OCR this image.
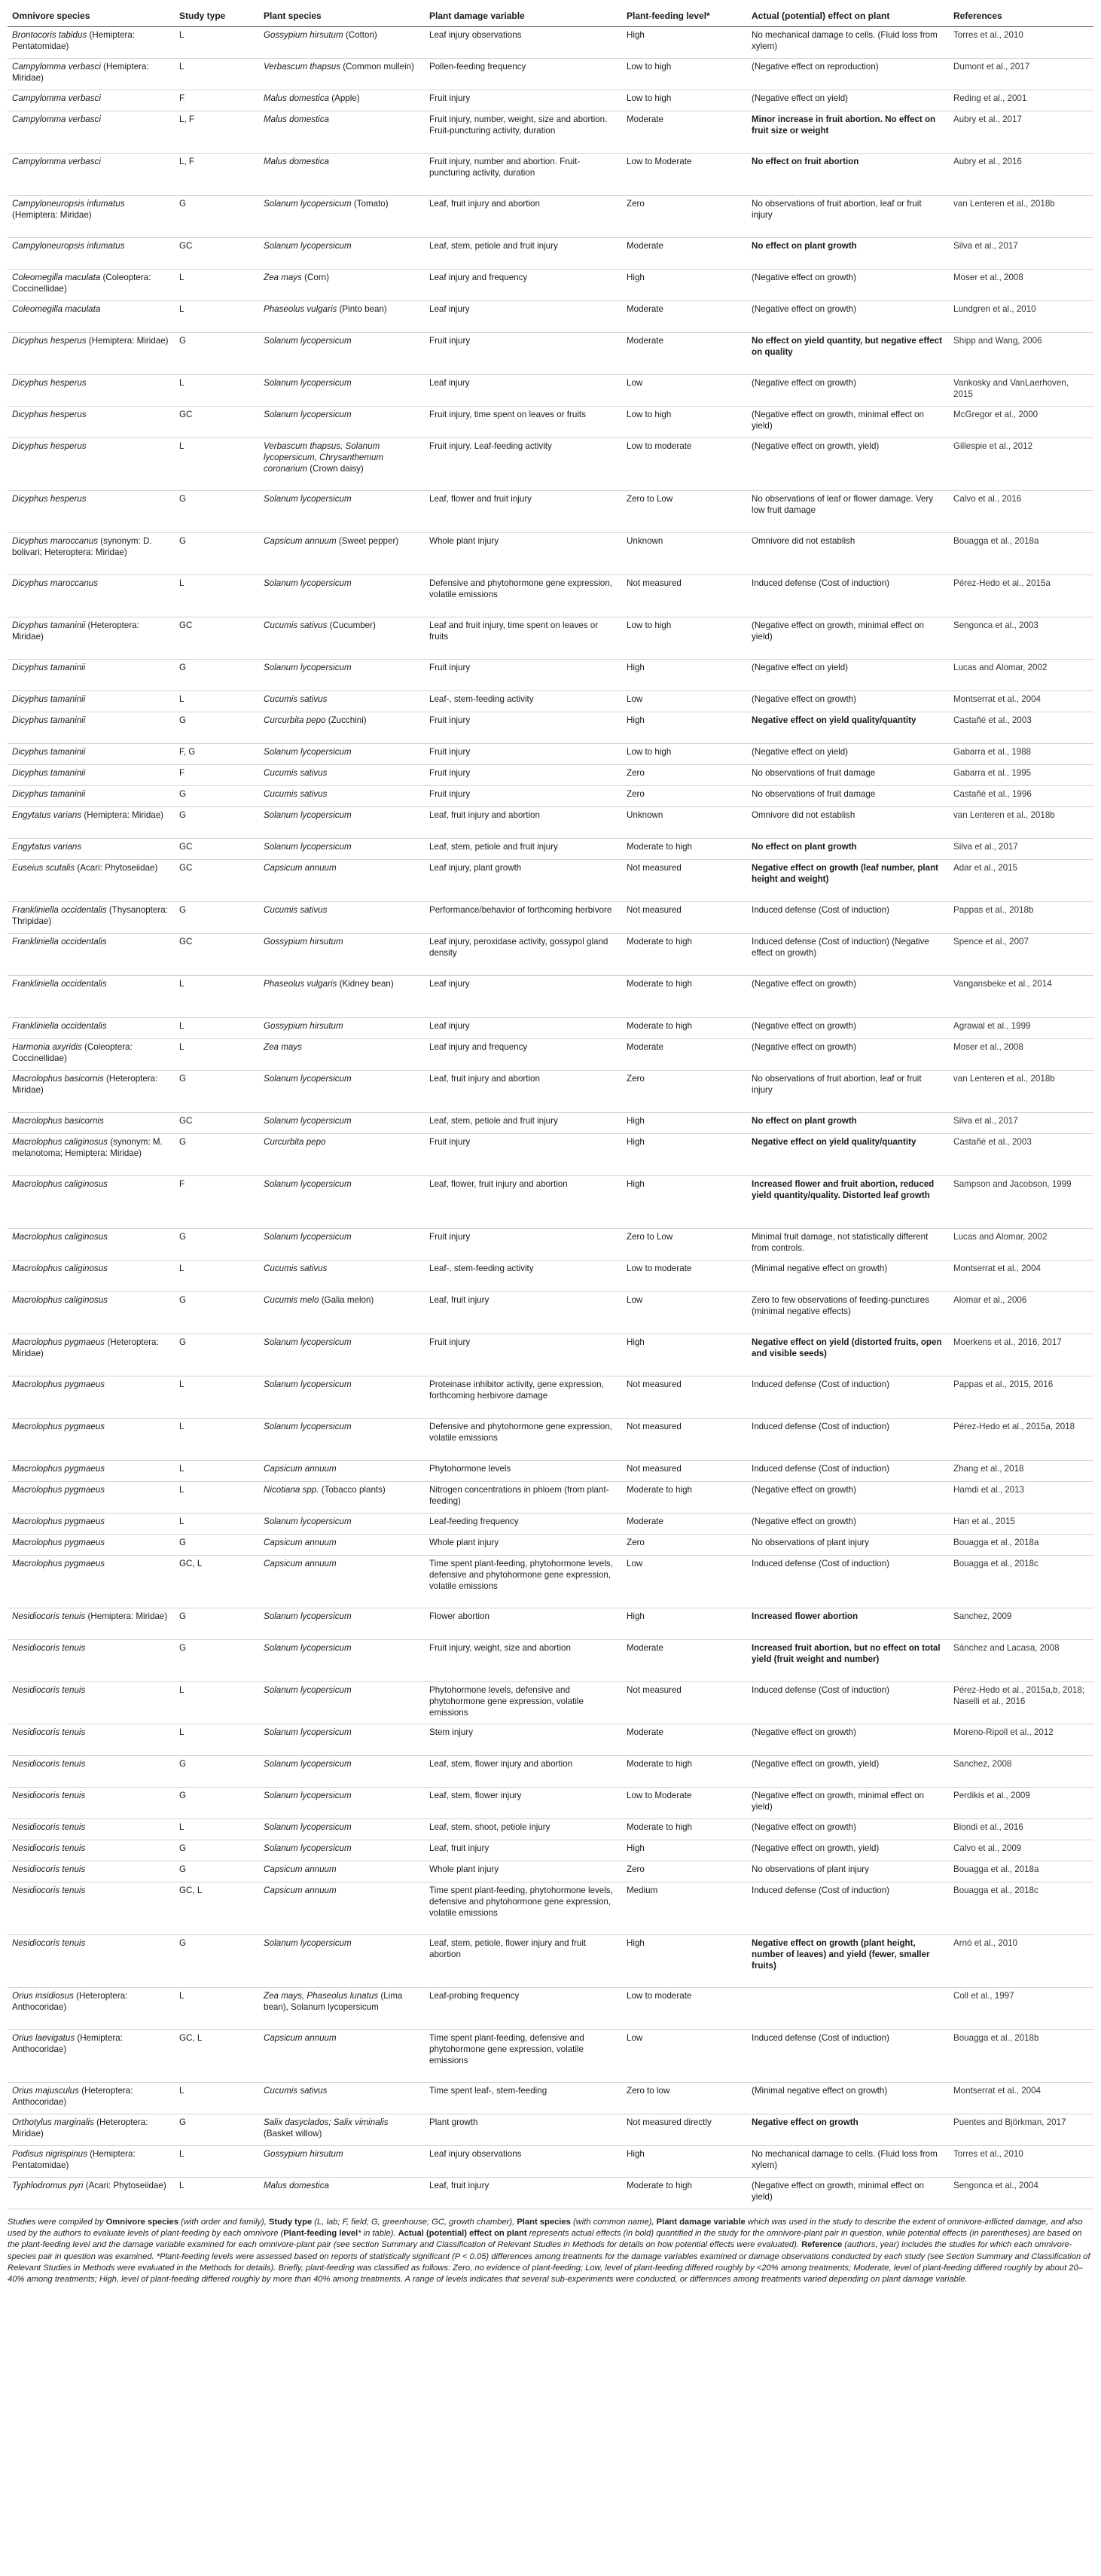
Omnivore species	Study type	Plant species	Plant damage variable	Plant-feeding level*	Actual (potential) effect on plant	References
Brontocoris tabidus (Hemiptera: Pentatomidae)	L	Gossypium hirsutum (Cotton)	Leaf injury observations	High	No mechanical damage to cells. (Fluid loss from xylem)	Torres et al., 2010
Campylomma verbasci (Hemiptera: Miridae)	L	Verbascum thapsus (Common mullein)	Pollen-feeding frequency	Low to high	(Negative effect on reproduction)	Dumont et al., 2017
Campylomma verbasci	F	Malus domestica (Apple)	Fruit injury	Low to high	(Negative effect on yield)	Reding et al., 2001
Campylomma verbasci	L, F	Malus domestica	Fruit injury, number, weight, size and abortion. Fruit-puncturing activity, duration	Moderate	Minor increase in fruit abortion. No effect on fruit size or weight	Aubry et al., 2017
Campylomma verbasci	L, F	Malus domestica	Fruit injury, number and abortion. Fruit-puncturing activity, duration	Low to Moderate	No effect on fruit abortion	Aubry et al., 2016
Campyloneuropsis infumatus (Hemiptera: Miridae)	G	Solanum lycopersicum (Tomato)	Leaf, fruit injury and abortion	Zero	No observations of fruit abortion, leaf or fruit injury	van Lenteren et al., 2018b
Campyloneuropsis infumatus	GC	Solanum lycopersicum	Leaf, stem, petiole and fruit injury	Moderate	No effect on plant growth	Silva et al., 2017
Coleomegilla maculata (Coleoptera: Coccinellidae)	L	Zea mays (Corn)	Leaf injury and frequency	High	(Negative effect on growth)	Moser et al., 2008
Coleomegilla maculata	L	Phaseolus vulgaris (Pinto bean)	Leaf injury	Moderate	(Negative effect on growth)	Lundgren et al., 2010
Dicyphus hesperus (Hemiptera: Miridae)	G	Solanum lycopersicum	Fruit injury	Moderate	No effect on yield quantity, but negative effect on quality	Shipp and Wang, 2006
Dicyphus hesperus	L	Solanum lycopersicum	Leaf injury	Low	(Negative effect on growth)	Vankosky and VanLaerhoven, 2015
Dicyphus hesperus	GC	Solanum lycopersicum	Fruit injury, time spent on leaves or fruits	Low to high	(Negative effect on growth, minimal effect on yield)	McGregor et al., 2000
Dicyphus hesperus	L	Verbascum thapsus, Solanum lycopersicum, Chrysanthemum coronarium (Crown daisy)	Fruit injury. Leaf-feeding activity	Low to moderate	(Negative effect on growth, yield)	Gillespie et al., 2012
Dicyphus hesperus	G	Solanum lycopersicum	Leaf, flower and fruit injury	Zero to Low	No observations of leaf or flower damage. Very low fruit damage	Calvo et al., 2016
Dicyphus maroccanus (synonym: D. bolivari; Heteroptera: Miridae)	G	Capsicum annuum (Sweet pepper)	Whole plant injury	Unknown	Omnivore did not establish	Bouagga et al., 2018a
Dicyphus maroccanus	L	Solanum lycopersicum	Defensive and phytohormone gene expression, volatile emissions	Not measured	Induced defense (Cost of induction)	Pérez-Hedo et al., 2015a
Dicyphus tamaninii (Heteroptera: Miridae)	GC	Cucumis sativus (Cucumber)	Leaf and fruit injury, time spent on leaves or fruits	Low to high	(Negative effect on growth, minimal effect on yield)	Sengonca et al., 2003
Dicyphus tamaninii	G	Solanum lycopersicum	Fruit injury	High	(Negative effect on yield)	Lucas and Alomar, 2002
Dicyphus tamaninii	L	Cucumis sativus	Leaf-, stem-feeding activity	Low	(Negative effect on growth)	Montserrat et al., 2004
Dicyphus tamaninii	G	Curcurbita pepo (Zucchini)	Fruit injury	High	Negative effect on yield quality/quantity	Castañé et al., 2003
Dicyphus tamaninii	F, G	Solanum lycopersicum	Fruit injury	Low to high	(Negative effect on yield)	Gabarra et al., 1988
Dicyphus tamaninii	F	Cucumis sativus	Fruit injury	Zero	No observations of fruit damage	Gabarra et al., 1995
Dicyphus tamaninii	G	Cucumis sativus	Fruit injury	Zero	No observations of fruit damage	Castañé et al., 1996
Engytatus varians (Hemiptera: Miridae)	G	Solanum lycopersicum	Leaf, fruit injury and abortion	Unknown	Omnivore did not establish	van Lenteren et al., 2018b
Engytatus varians	GC	Solanum lycopersicum	Leaf, stem, petiole and fruit injury	Moderate to high	No effect on plant growth	Silva et al., 2017
Euseius scutalis (Acari: Phytoseiidae)	GC	Capsicum annuum	Leaf injury, plant growth	Not measured	Negative effect on growth (leaf number, plant height and weight)	Adar et al., 2015
Frankliniella occidentalis (Thysanoptera: Thripidae)	G	Cucumis sativus	Performance/behavior of forthcoming herbivore	Not measured	Induced defense (Cost of induction)	Pappas et al., 2018b
Frankliniella occidentalis	GC	Gossypium hirsutum	Leaf injury, peroxidase activity, gossypol gland density	Moderate to high	Induced defense (Cost of induction) (Negative effect on growth)	Spence et al., 2007
Frankliniella occidentalis	L	Phaseolus vulgaris (Kidney bean)	Leaf injury	Moderate to high	(Negative effect on growth)	Vangansbeke et al., 2014
Frankliniella occidentalis	L	Gossypium hirsutum	Leaf injury	Moderate to high	(Negative effect on growth)	Agrawal et al., 1999
Harmonia axyridis (Coleoptera: Coccinellidae)	L	Zea mays	Leaf injury and frequency	Moderate	(Negative effect on growth)	Moser et al., 2008
Macrolophus basicornis (Heteroptera: Miridae)	G	Solanum lycopersicum	Leaf, fruit injury and abortion	Zero	No observations of fruit abortion, leaf or fruit injury	van Lenteren et al., 2018b
Macrolophus basicornis	GC	Solanum lycopersicum	Leaf, stem, petiole and fruit injury	High	No effect on plant growth	Silva et al., 2017
Macrolophus caliginosus (synonym: M. melanotoma; Hemiptera: Miridae)	G	Curcurbita pepo	Fruit injury	High	Negative effect on yield quality/quantity	Castañé et al., 2003
Macrolophus caliginosus	F	Solanum lycopersicum	Leaf, flower, fruit injury and abortion	High	Increased flower and fruit abortion, reduced yield quantity/quality. Distorted leaf growth	Sampson and Jacobson, 1999
Macrolophus caliginosus	G	Solanum lycopersicum	Fruit injury	Zero to Low	Minimal fruit damage, not statistically different from controls.	Lucas and Alomar, 2002
Macrolophus caliginosus	L	Cucumis sativus	Leaf-, stem-feeding activity	Low to moderate	(Minimal negative effect on growth)	Montserrat et al., 2004
Macrolophus caliginosus	G	Cucumis melo (Galia melon)	Leaf, fruit injury	Low	Zero to few observations of feeding-punctures (minimal negative effects)	Alomar et al., 2006
Macrolophus pygmaeus (Heteroptera: Miridae)	G	Solanum lycopersicum	Fruit injury	High	Negative effect on yield (distorted fruits, open and visible seeds)	Moerkens et al., 2016, 2017
Macrolophus pygmaeus	L	Solanum lycopersicum	Proteinase inhibitor activity, gene expression, forthcoming herbivore damage	Not measured	Induced defense (Cost of induction)	Pappas et al., 2015, 2016
Macrolophus pygmaeus	L	Solanum lycopersicum	Defensive and phytohormone gene expression, volatile emissions	Not measured	Induced defense (Cost of induction)	Pérez-Hedo et al., 2015a, 2018
Macrolophus pygmaeus	L	Capsicum annuum	Phytohormone levels	Not measured	Induced defense (Cost of induction)	Zhang et al., 2018
Macrolophus pygmaeus	L	Nicotiana spp. (Tobacco plants)	Nitrogen concentrations in phloem (from plant-feeding)	Moderate to high	(Negative effect on growth)	Hamdi et al., 2013
Macrolophus pygmaeus	L	Solanum lycopersicum	Leaf-feeding frequency	Moderate	(Negative effect on growth)	Han et al., 2015
Macrolophus pygmaeus	G	Capsicum annuum	Whole plant injury	Zero	No observations of plant injury	Bouagga et al., 2018a
Macrolophus pygmaeus	GC, L	Capsicum annuum	Time spent plant-feeding, phytohormone levels, defensive and phytohormone gene expression, volatile emissions	Low	Induced defense (Cost of induction)	Bouagga et al., 2018c
Nesidiocoris tenuis (Hemiptera: Miridae)	G	Solanum lycopersicum	Flower abortion	High	Increased flower abortion	Sanchez, 2009
Nesidiocoris tenuis	G	Solanum lycopersicum	Fruit injury, weight, size and abortion	Moderate	Increased fruit abortion, but no effect on total yield (fruit weight and number)	Sánchez and Lacasa, 2008
Nesidiocoris tenuis	L	Solanum lycopersicum	Phytohormone levels, defensive and phytohormone gene expression, volatile emissions	Not measured	Induced defense (Cost of induction)	Pérez-Hedo et al., 2015a,b, 2018; Naselli et al., 2016
Nesidiocoris tenuis	L	Solanum lycopersicum	Stem injury	Moderate	(Negative effect on growth)	Moreno-Ripoll et al., 2012
Nesidiocoris tenuis	G	Solanum lycopersicum	Leaf, stem, flower injury and abortion	Moderate to high	(Negative effect on growth, yield)	Sanchez, 2008
Nesidiocoris tenuis	G	Solanum lycopersicum	Leaf, stem, flower injury	Low to Moderate	(Negative effect on growth, minimal effect on yield)	Perdikis et al., 2009
Nesidiocoris tenuis	L	Solanum lycopersicum	Leaf, stem, shoot, petiole injury	Moderate to high	(Negative effect on growth)	Biondi et al., 2016
Nesidiocoris tenuis	G	Solanum lycopersicum	Leaf, fruit injury	High	(Negative effect on growth, yield)	Calvo et al., 2009
Nesidiocoris tenuis	G	Capsicum annuum	Whole plant injury	Zero	No observations of plant injury	Bouagga et al., 2018a
Nesidiocoris tenuis	GC, L	Capsicum annuum	Time spent plant-feeding, phytohormone levels, defensive and phytohormone gene expression, volatile emissions	Medium	Induced defense (Cost of induction)	Bouagga et al., 2018c
Nesidiocoris tenuis	G	Solanum lycopersicum	Leaf, stem, petiole, flower injury and fruit abortion	High	Negative effect on growth (plant height, number of leaves) and yield (fewer, smaller fruits)	Arnó et al., 2010
Orius insidiosus (Heteroptera: Anthocoridae)	L	Zea mays, Phaseolus lunatus (Lima bean), Solanum lycopersicum	Leaf-probing frequency	Low to moderate		Coll et al., 1997
Orius laevigatus (Hemiptera: Anthocoridae)	GC, L	Capsicum annuum	Time spent plant-feeding, defensive and phytohormone gene expression, volatile emissions	Low	Induced defense (Cost of induction)	Bouagga et al., 2018b
Orius majusculus (Heteroptera: Anthocoridae)	L	Cucumis sativus	Time spent leaf-, stem-feeding	Zero to low	(Minimal negative effect on growth)	Montserrat et al., 2004
Orthotylus marginalis (Heteroptera: Miridae)	G	Salix dasyclados; Salix viminalis (Basket willow)	Plant growth	Not measured directly	Negative effect on growth	Puentes and Björkman, 2017
Podisus nigrispinus (Hemiptera: Pentatomidae)	L	Gossypium hirsutum	Leaf injury observations	High	No mechanical damage to cells. (Fluid loss from xylem)	Torres et al., 2010
Typhlodromus pyri (Acari: Phytoseiidae)	L	Malus domestica	Leaf, fruit injury	Moderate to high	(Negative effect on growth, minimal effect on yield)	Sengonca et al., 2004

Studies were compiled by Omnivore species (with order and family), Study type (L, lab; F, field; G, greenhouse; GC, growth chamber), Plant species (with common name), Plant damage variable which was used in the study to describe the extent of omnivore-inflicted damage, and also used by the authors to evaluate levels of plant-feeding by each omnivore (Plant-feeding level* in table). Actual (potential) effect on plant represents actual effects (in bold) quantified in the study for the omnivore-plant pair in question, while potential effects (in parentheses) are based on the plant-feeding level and the damage variable examined for each omnivore-plant pair (see section Summary and Classification of Relevant Studies in Methods for details on how potential effects were evaluated). Reference (authors, year) includes the studies for which each omnivore-species pair in question was examined. *Plant-feeding levels were assessed based on reports of statistically significant (P < 0.05) differences among treatments for the damage variables examined or damage observations conducted by each study (see Section Summary and Classification of Relevant Studies in Methods were evaluated in the Methods for details). Briefly, plant-feeding was classified as follows: Zero, no evidence of plant-feeding; Low, level of plant-feeding differed roughly by <20% among treatments; Moderate, level of plant-feeding differed roughly by about 20–40% among treatments; High, level of plant-feeding differed roughly by more than 40% among treatments. A range of levels indicates that several sub-experiments were conducted, or differences among treatments varied depending on plant damage variable.
